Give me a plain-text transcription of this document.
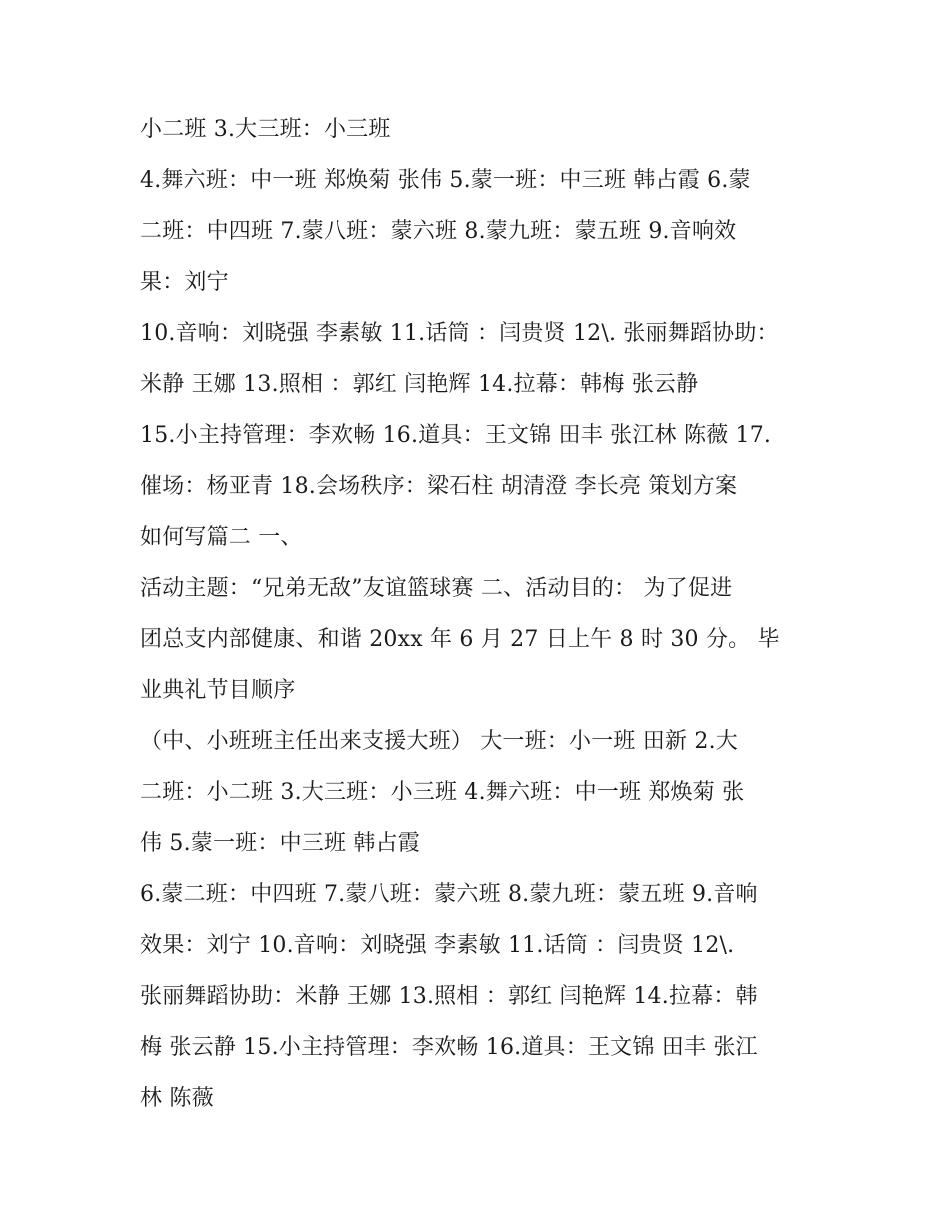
小二班 3.大三班：小三班
4.舞六班：中一班 郑焕菊 张伟 5.蒙一班：中三班 韩占霞 6.蒙
二班：中四班 7.蒙八班：蒙六班 8.蒙九班：蒙五班 9.音响效
果：刘宁
10.音响：刘晓强 李素敏 11.话筒 ：闫贵贤 12\. 张丽舞蹈协助：
米静 王娜 13.照相 ：郭红 闫艳辉 14.拉幕：韩梅 张云静
15.小主持管理：李欢畅 16.道具：王文锦 田丰 张江林 陈薇 17.
催场：杨亚青 18.会场秩序：梁石柱 胡清澄 李长亮 策划方案
如何写篇二 一、
活动主题：“兄弟无敌”友谊篮球赛 二、活动目的： 为了促进
团总支内部健康、和谐 20xx 年 6 月 27 日上午 8 时 30 分。 毕
业典礼节目顺序
（中、小班班主任出来支援大班） 大一班：小一班 田新 2.大
二班：小二班 3.大三班：小三班 4.舞六班：中一班 郑焕菊 张
伟 5.蒙一班：中三班 韩占霞
6.蒙二班：中四班 7.蒙八班：蒙六班 8.蒙九班：蒙五班 9.音响
效果：刘宁 10.音响：刘晓强 李素敏 11.话筒 ：闫贵贤 12\.
张丽舞蹈协助：米静 王娜 13.照相 ：郭红 闫艳辉 14.拉幕：韩
梅 张云静 15.小主持管理：李欢畅 16.道具：王文锦 田丰 张江
林 陈薇
